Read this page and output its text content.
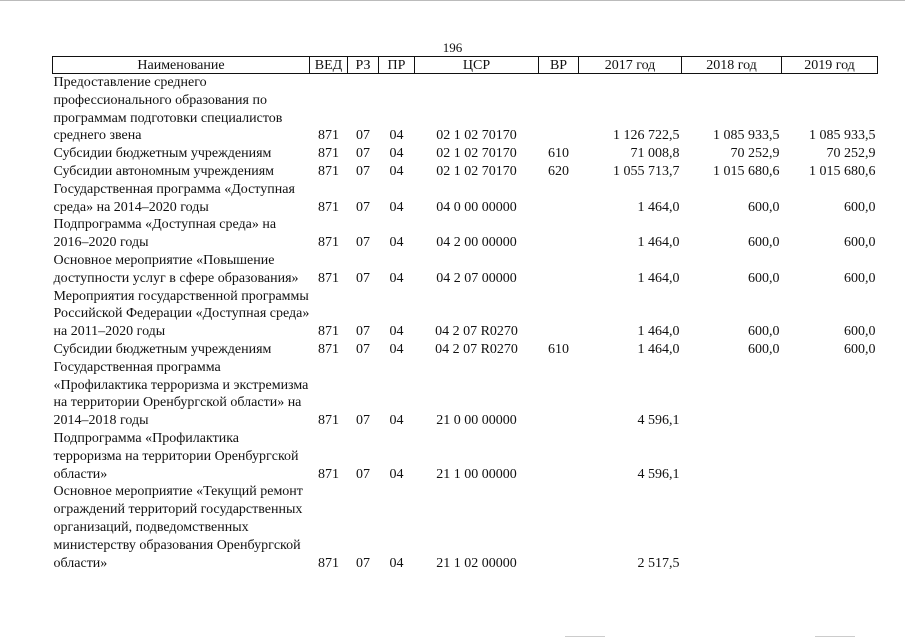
196
Наименование	ВЕД	РЗ	ПР	ЦСР	ВР	2017 год	2018 год	2019 год
Предоставление среднего профессионального образования по программам подготовки специалистов среднего звена	871	07	04	02 1 02 70170		1 126 722,5	1 085 933,5	1 085 933,5
Субсидии бюджетным учреждениям	871	07	04	02 1 02 70170	610	71 008,8	70 252,9	70 252,9
Субсидии автономным учреждениям	871	07	04	02 1 02 70170	620	1 055 713,7	1 015 680,6	1 015 680,6
Государственная программа «Доступная среда» на 2014–2020 годы	871	07	04	04 0 00 00000		1 464,0	600,0	600,0
Подпрограмма «Доступная среда» на 2016–2020 годы	871	07	04	04 2 00 00000		1 464,0	600,0	600,0
Основное мероприятие «Повышение доступности услуг в сфере образования»	871	07	04	04 2 07 00000		1 464,0	600,0	600,0
Мероприятия государственной программы Российской Федерации «Доступная среда» на 2011–2020 годы	871	07	04	04 2 07 R0270		1 464,0	600,0	600,0
Субсидии бюджетным учреждениям	871	07	04	04 2 07 R0270	610	1 464,0	600,0	600,0
Государственная программа «Профилактика терроризма и экстремизма на территории Оренбургской области» на 2014–2018 годы	871	07	04	21 0 00 00000		4 596,1		
Подпрограмма «Профилактика терроризма на территории Оренбургской области»	871	07	04	21 1 00 00000		4 596,1		
Основное мероприятие «Текущий ремонт ограждений территорий государственных организаций, подведомственных министерству образования Оренбургской области»	871	07	04	21 1 02 00000		2 517,5		
